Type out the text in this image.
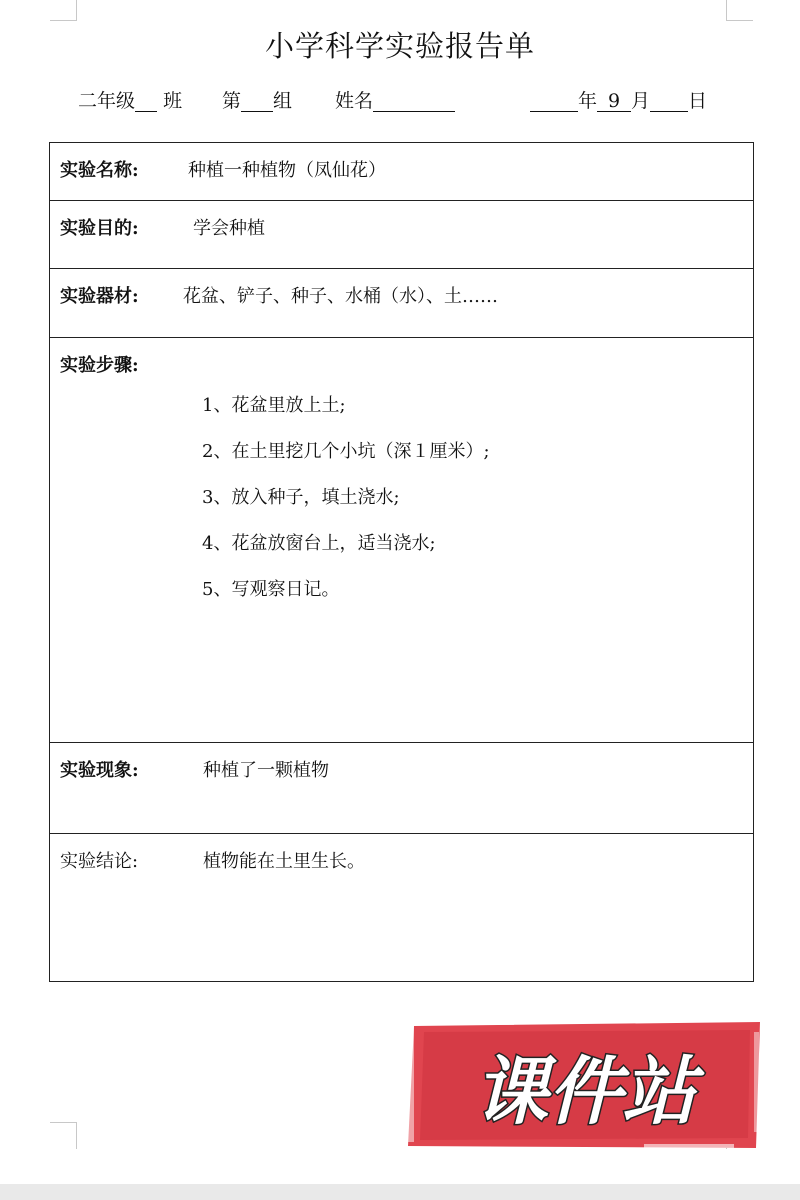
小学科学实验报告单
二年级 班 第 组 姓名	年 9 月 日
实验名称:	种植一种植物（凤仙花）
实验目的:	学会种植
实验器材: 花盆、铲子、种子、水桶（水）、土……
实验步骤:
1、花盆里放上土;
2、在土里挖几个小坑（深１厘米）;
3、放入种子，填土浇水;
4、花盆放窗台上，适当浇水;
5、写观察日记。

实验现象:	种植了一颗植物
实验结论:	植物能在土里生长。
课件站
